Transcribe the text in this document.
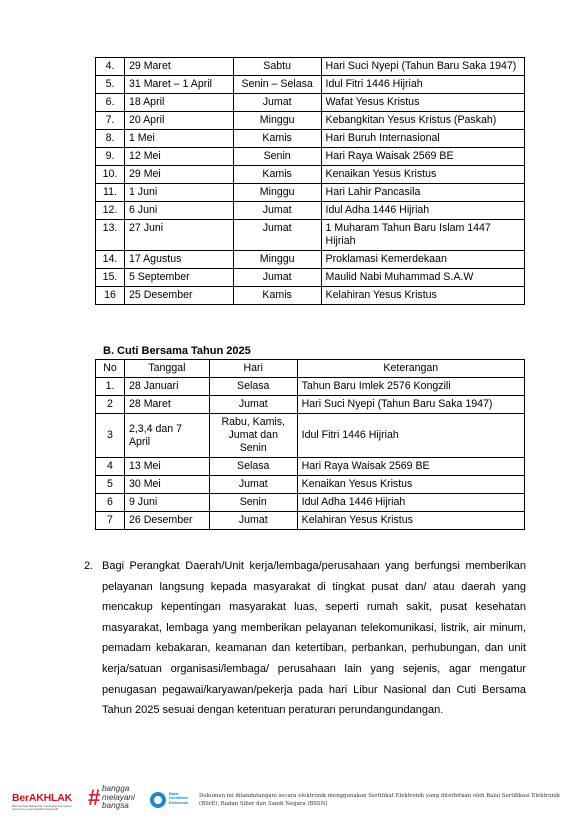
4.	29 Maret	Sabtu	Hari Suci Nyepi (Tahun Baru Saka 1947)
5.	31 Maret – 1 April	Senin – Selasa	Idul Fitri 1446 Hijriah
6.	18 April	Jumat	Wafat Yesus Kristus
7.	20 April	Minggu	Kebangkitan Yesus Kristus (Paskah)
8.	1 Mei	Kamis	Hari Buruh Internasional
9.	12 Mei	Senin	Hari Raya Waisak 2569 BE
10.	29 Mei	Kamis	Kenaikan Yesus Kristus
11.	1 Juni	Minggu	Hari Lahir Pancasila
12.	6 Juni	Jumat	Idul Adha 1446 Hijriah
13.	27 Juni	Jumat	1 Muharam Tahun Baru Islam 1447 Hijriah
14.	17 Agustus	Minggu	Proklamasi Kemerdekaan
15.	5 September	Jumat	Maulid Nabi Muhammad S.A.W
16	25 Desember	Kamis	Kelahiran Yesus Kristus
B. Cuti Bersama Tahun 2025
No	Tanggal	Hari	Keterangan
1.	28 Januari	Selasa	Tahun Baru Imlek 2576 Kongzili
2	28 Maret	Jumat	Hari Suci Nyepi (Tahun Baru Saka 1947)
3	2,3,4 dan 7 April	Rabu, Kamis, Jumat dan Senin	Idul Fitri 1446 Hijriah
4	13 Mei	Selasa	Hari Raya Waisak 2569 BE
5	30 Mei	Jumat	Kenaikan Yesus Kristus
6	9 Juni	Senin	Idul Adha 1446 Hijriah
7	26 Desember	Jumat	Kelahiran Yesus Kristus
2. Bagi Perangkat Daerah/Unit kerja/lembaga/perusahaan yang berfungsi memberikan pelayanan langsung kepada masyarakat di tingkat pusat dan/ atau daerah yang mencakup kepentingan masyarakat luas, seperti rumah sakit, pusat kesehatan masyarakat, lembaga yang memberikan pelayanan telekomunikasi, listrik, air minum, pemadam kebakaran, keamanan dan ketertiban, perbankan, perhubungan, dan unit kerja/satuan organisasi/lembaga/ perusahaan lain yang sejenis, agar mengatur penugasan pegawai/karyawan/pekerja pada hari Libur Nasional dan Cuti Bersama Tahun 2025 sesuai dengan ketentuan peraturan perundangundangan.

BerAKHLAK
Berorientasi Pelayanan Akuntabel Kompeten Harmonis Loyal Adaptif Kolaboratif	# bangga
melayani
bangsa
Balai
Sertifikasi
Elektronik
Dokumen ini ditandatangani secara elektronik menggunakan Sertifikat Elektronik yang diterbitkan oleh Balai Sertifikasi Elektronik (BSrE), Badan Siber dan Sandi Negara (BSSN)
